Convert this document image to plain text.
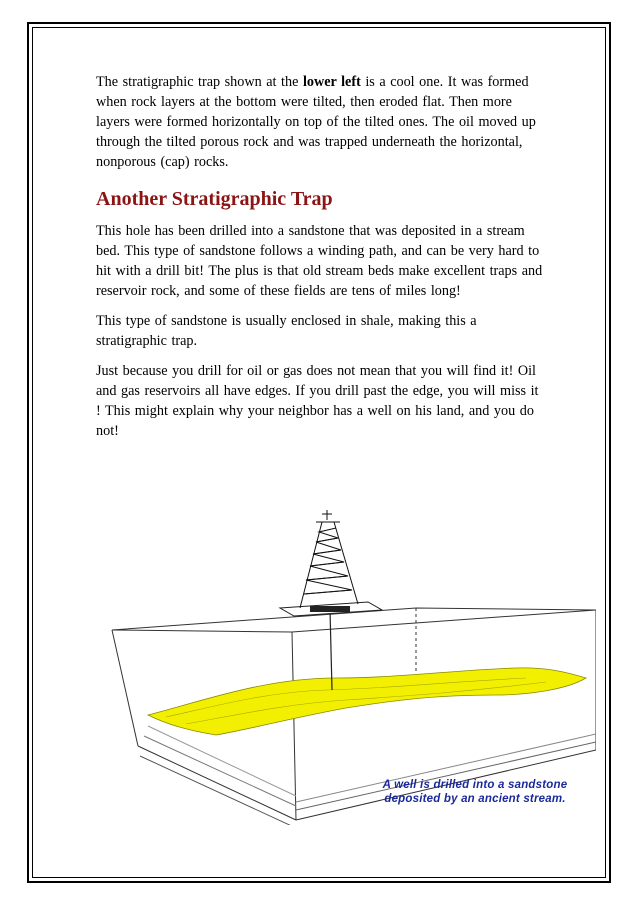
The stratigraphic trap shown at the lower left is a cool one. It was formed when rock layers at the bottom were tilted, then eroded flat. Then more layers were formed horizontally on top of the tilted ones. The oil moved up through the tilted porous rock and was trapped underneath the horizontal, nonporous (cap) rocks.

Another Stratigraphic Trap

This hole has been drilled into a sandstone that was deposited in a stream bed. This type of sandstone follows a winding path, and can be very hard to hit with a drill bit! The plus is that old stream beds make excellent traps and reservoir rock, and some of these fields are tens of miles long!

This type of sandstone is usually enclosed in shale, making this a stratigraphic trap.

Just because you drill for oil or gas does not mean that you will find it! Oil and gas reservoirs all have edges. If you drill past the edge, you will miss it ! This might explain why your neighbor has a well on his land, and you do not!

A well is drilled into a sandstone
deposited by an ancient stream.
